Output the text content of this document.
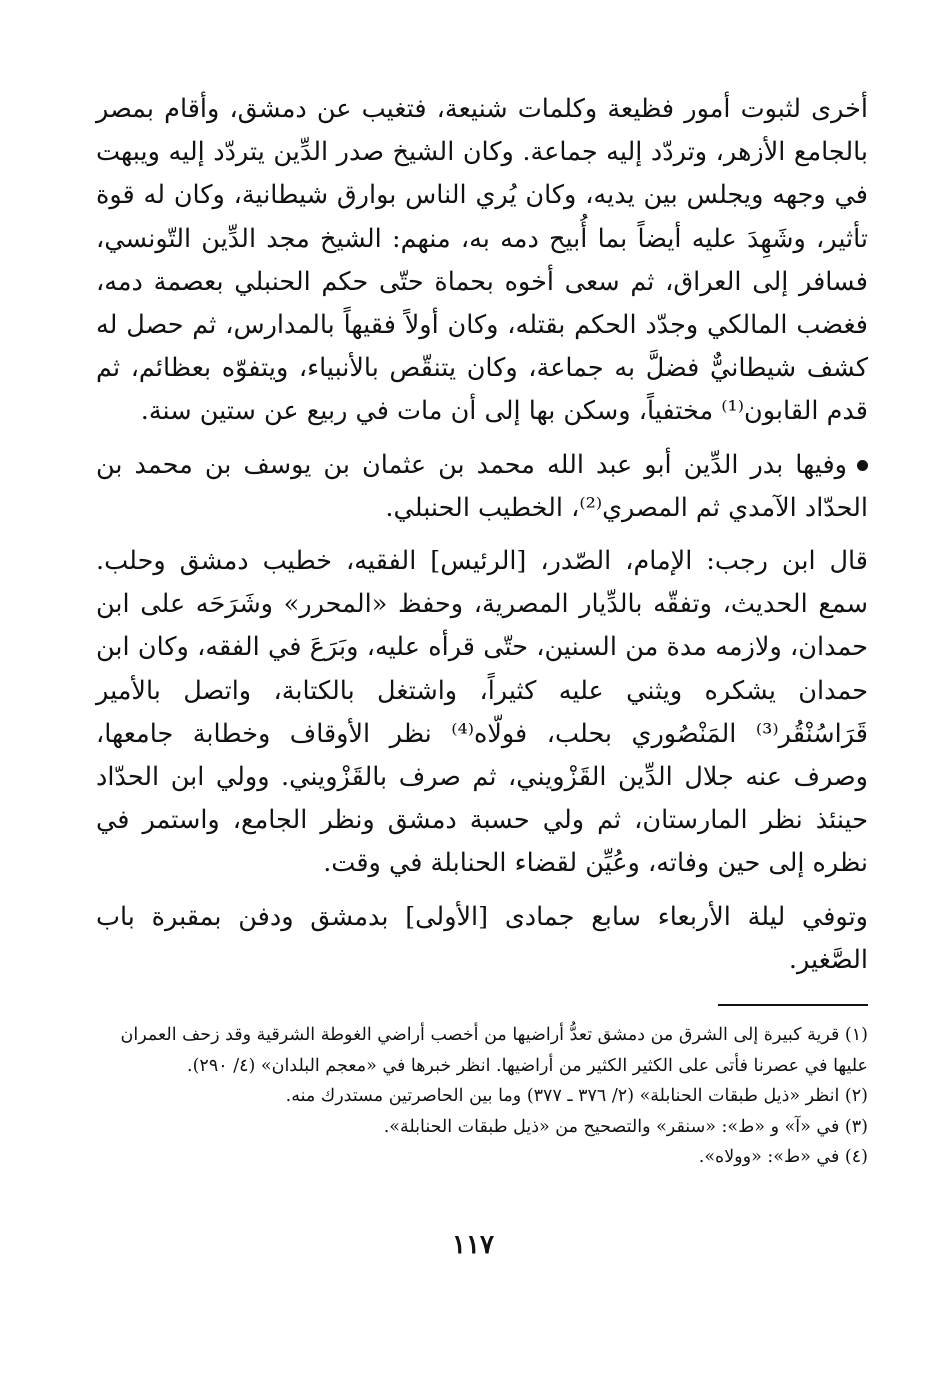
أخرى لثبوت أمور فظيعة وكلمات شنيعة، فتغيب عن دمشق، وأقام بمصر بالجامع الأزهر، وتردّد إليه جماعة. وكان الشيخ صدر الدِّين يتردّد إليه ويبهت في وجهه ويجلس بين يديه، وكان يُري الناس بوارق شيطانية، وكان له قوة تأثير، وشَهِدَ عليه أيضاً بما أُبيح دمه به، منهم: الشيخ مجد الدِّين التّونسي، فسافر إلى العراق، ثم سعى أخوه بحماة حتّى حكم الحنبلي بعصمة دمه، فغضب المالكي وجدّد الحكم بقتله، وكان أولاً فقيهاً بالمدارس، ثم حصل له كشف شيطانيٌّ فضلَّ به جماعة، وكان يتنقّص بالأنبياء، ويتفوّه بعظائم، ثم قدم القابون⁽¹⁾ مختفياً، وسكن بها إلى أن مات في ربيع عن ستين سنة.

وفيها بدر الدِّين أبو عبد الله محمد بن عثمان بن يوسف بن محمد بن الحدّاد الآمدي ثم المصري⁽²⁾، الخطيب الحنبلي.

قال ابن رجب: الإمام، الصّدر، [الرئيس] الفقيه، خطيب دمشق وحلب. سمع الحديث، وتفقّه بالدِّيار المصرية، وحفظ «المحرر» وشَرَحَه على ابن حمدان، ولازمه مدة من السنين، حتّى قرأه عليه، وبَرَعَ في الفقه، وكان ابن حمدان يشكره ويثني عليه كثيراً، واشتغل بالكتابة، واتصل بالأمير قَرَاسُنْقُر⁽³⁾ المَنْصُوري بحلب، فولّاه⁽⁴⁾ نظر الأوقاف وخطابة جامعها، وصرف عنه جلال الدِّين القَزْويني، ثم صرف بالقَزْويني. وولي ابن الحدّاد حينئذ نظر المارستان، ثم ولي حسبة دمشق ونظر الجامع، واستمر في نظره إلى حين وفاته، وعُيِّن لقضاء الحنابلة في وقت.

وتوفي ليلة الأربعاء سابع جمادى [الأولى] بدمشق ودفن بمقبرة باب الصَّغير.

(١) قرية كبيرة إلى الشرق من دمشق تعدُّ أراضيها من أخصب أراضي الغوطة الشرقية وقد زحف العمران عليها في عصرنا فأتى على الكثير الكثير من أراضيها. انظر خبرها في «معجم البلدان» (٤/ ٢٩٠).

(٢) انظر «ذيل طبقات الحنابلة» (٢/ ٣٧٦ ـ ٣٧٧) وما بين الحاصرتين مستدرك منه.

(٣) في «آ» و «ط»: «سنقر» والتصحيح من «ذيل طبقات الحنابلة».

(٤) في «ط»: «وولاه».

١١٧
